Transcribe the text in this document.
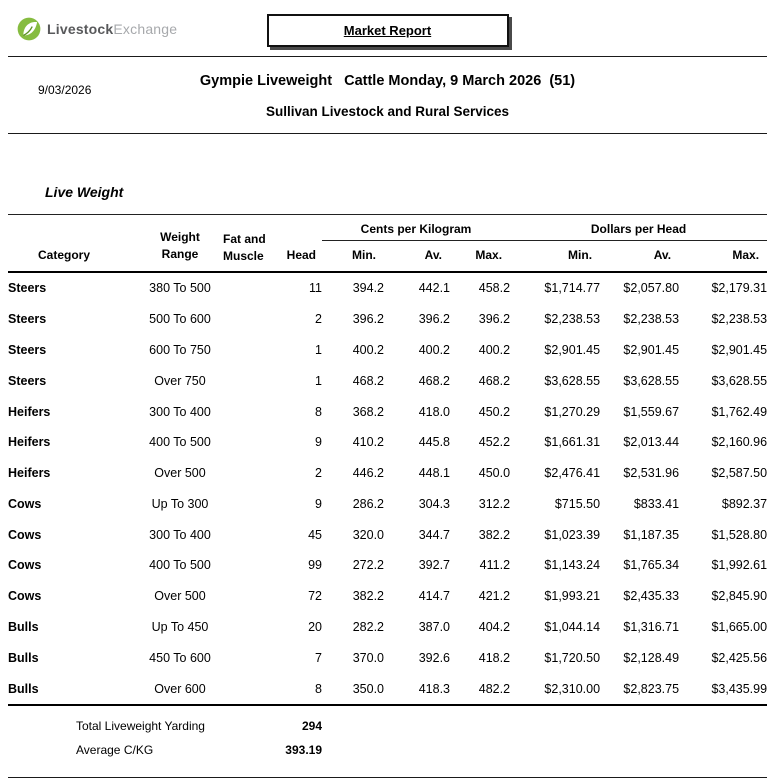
LivestockExchange	Market Report
9/03/2026
Gympie Liveweight   Cattle Monday, 9 March 2026  (51)
Sullivan Livestock and Rural Services
Live Weight
Category	Weight Range	Fat and Muscle	Head	Cents per Kilogram			Dollars per Head		
				Min.	Av.	Max.	Min.	Av.	Max.
Steers	380 To 500		11	394.2	442.1	458.2	$1,714.77	$2,057.80	$2,179.31
Steers	500 To 600		2	396.2	396.2	396.2	$2,238.53	$2,238.53	$2,238.53
Steers	600 To 750		1	400.2	400.2	400.2	$2,901.45	$2,901.45	$2,901.45
Steers	Over 750		1	468.2	468.2	468.2	$3,628.55	$3,628.55	$3,628.55
Heifers	300 To 400		8	368.2	418.0	450.2	$1,270.29	$1,559.67	$1,762.49
Heifers	400 To 500		9	410.2	445.8	452.2	$1,661.31	$2,013.44	$2,160.96
Heifers	Over 500		2	446.2	448.1	450.0	$2,476.41	$2,531.96	$2,587.50
Cows	Up To 300		9	286.2	304.3	312.2	$715.50	$833.41	$892.37
Cows	300 To 400		45	320.0	344.7	382.2	$1,023.39	$1,187.35	$1,528.80
Cows	400 To 500		99	272.2	392.7	411.2	$1,143.24	$1,765.34	$1,992.61
Cows	Over 500		72	382.2	414.7	421.2	$1,993.21	$2,435.33	$2,845.90
Bulls	Up To 450		20	282.2	387.0	404.2	$1,044.14	$1,316.71	$1,665.00
Bulls	450 To 600		7	370.0	392.6	418.2	$1,720.50	$2,128.49	$2,425.56
Bulls	Over 600		8	350.0	418.3	482.2	$2,310.00	$2,823.75	$3,435.99
Total Liveweight Yarding	294
Average C/KG	393.19
